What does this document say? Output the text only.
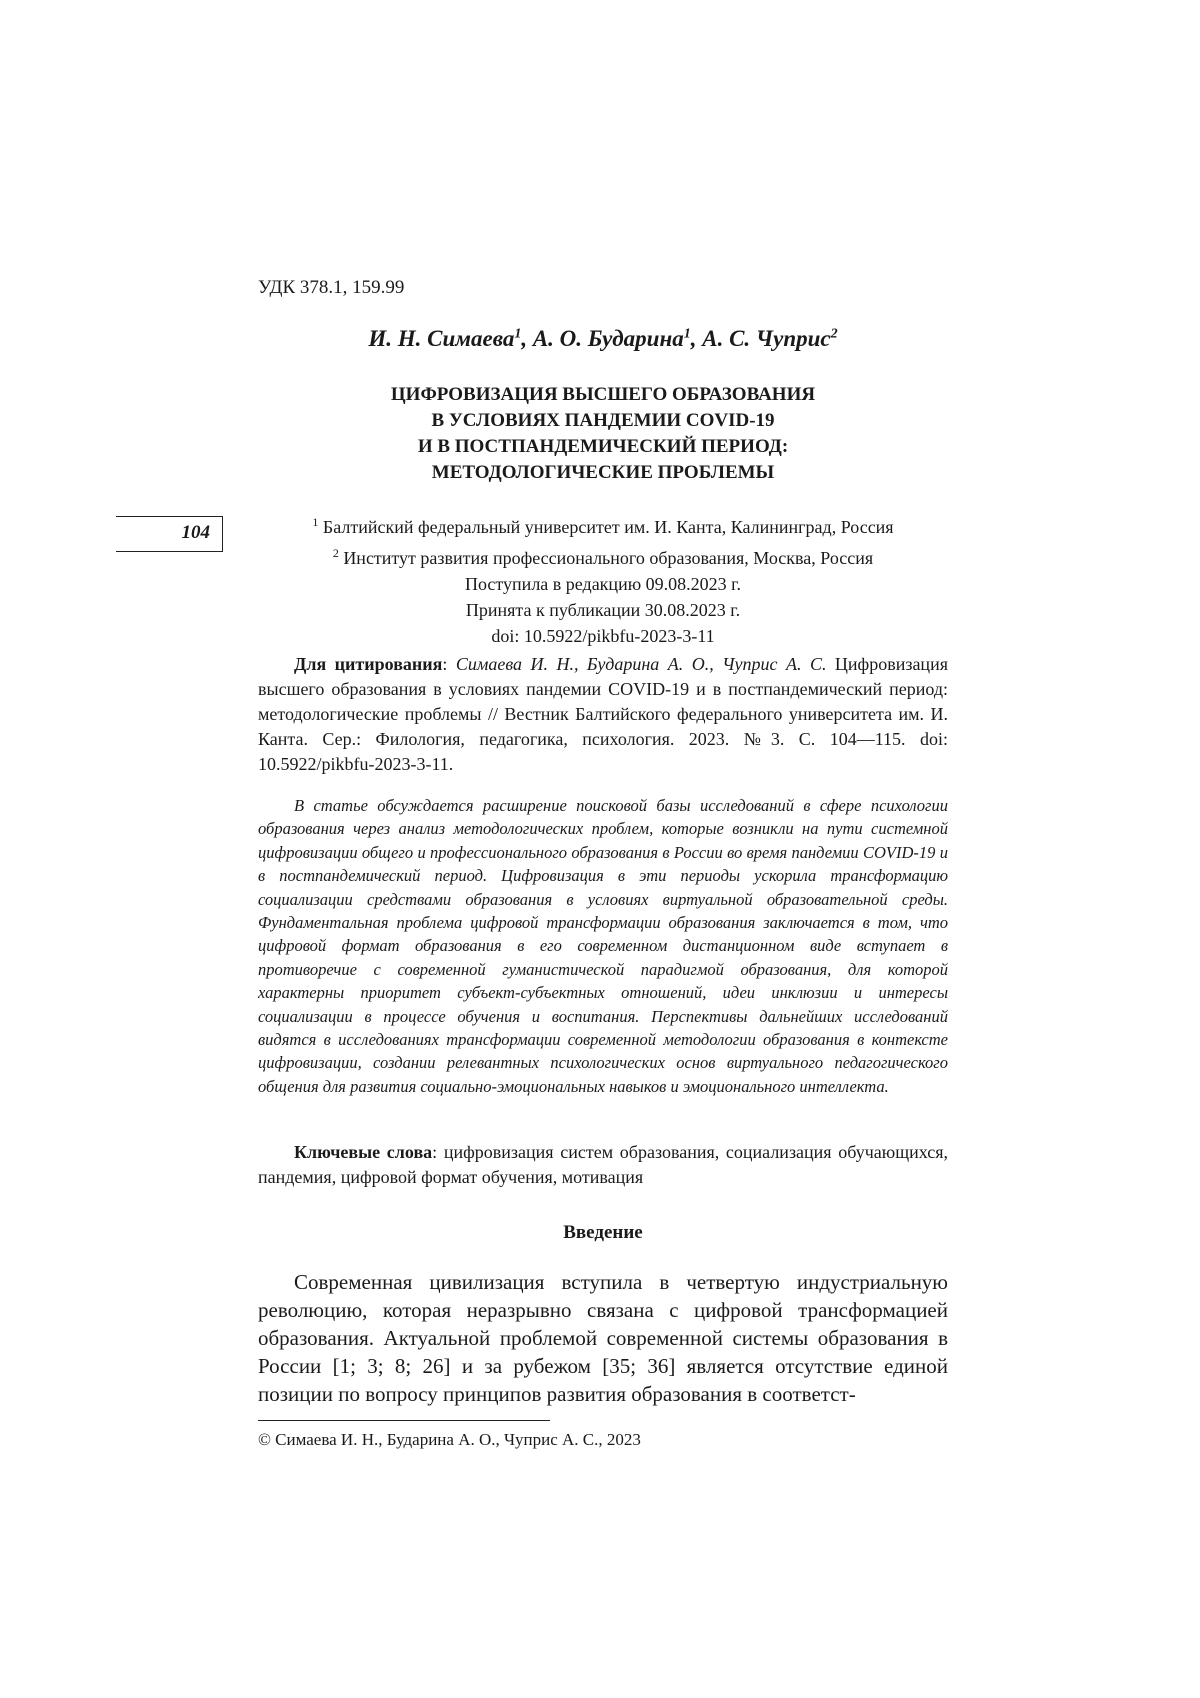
УДК 378.1, 159.99
И. Н. Симаева$^1$, А. О. Бударина$^1$, А. С. Чуприс$^2$
ЦИФРОВИЗАЦИЯ ВЫСШЕГО ОБРАЗОВАНИЯ
В УСЛОВИЯХ ПАНДЕМИИ COVID-19
И В ПОСТПАНДЕМИЧЕСКИЙ ПЕРИОД:
МЕТОДОЛОГИЧЕСКИЕ ПРОБЛЕМЫ
104	$^1$ Балтийский федеральный университет им. И. Канта, Калининград, Россия
$^2$ Институт развития профессионального образования, Москва, Россия
Поступила в редакцию 09.08.2023 г.
Принята к публикации 30.08.2023 г.
doi: 10.5922/pikbfu-2023-3-11
Для цитирования: Симаева И. Н., Бударина А. О., Чуприс А. С. Цифровизация высшего образования в условиях пандемии COVID-19 и в постпандемический период: методологические проблемы // Вестник Балтийского федерального университета им. И. Канта. Сер.: Филология, педагогика, психология. 2023. №3. С. 104—115. doi: 10.5922/pikbfu-2023-3-11.
В статье обсуждается расширение поисковой базы исследований в сфере психологии образования через анализ методологических проблем, которые возникли на пути системной цифровизации общего и профессионального образования в России во время пандемии COVID-19 и в постпандемический период. Цифровизация в эти периоды ускорила трансформацию социализации средствами образования в условиях виртуальной образовательной среды. Фундаментальная проблема цифровой трансформации образования заключается в том, что цифровой формат образования в его современном дистанционном виде вступает в противоречие с современной гуманистической парадигмой образования, для которой характерны приоритет субъект-субъектных отношений, идеи инклюзии и интересы социализации в процессе обучения и воспитания. Перспективы дальнейших исследований видятся в исследованиях трансформации современной методологии образования в контексте цифровизации, создании релевантных психологических основ виртуального педагогического общения для развития социально-эмоциональных навыков и эмоционального интеллекта.
Ключевые слова: цифровизация систем образования, социализация обучающихся, пандемия, цифровой формат обучения, мотивация
Введение
Современная цивилизация вступила в четвертую индустриальную революцию, которая неразрывно связана с цифровой трансформацией образования. Актуальной проблемой современной системы образования в России [1; 3; 8; 26] и за рубежом [35; 36] является отсутствие единой позиции по вопросу принципов развития образования в соответст-
© Симаева И. Н., Бударина А. О., Чуприс А. С., 2023
